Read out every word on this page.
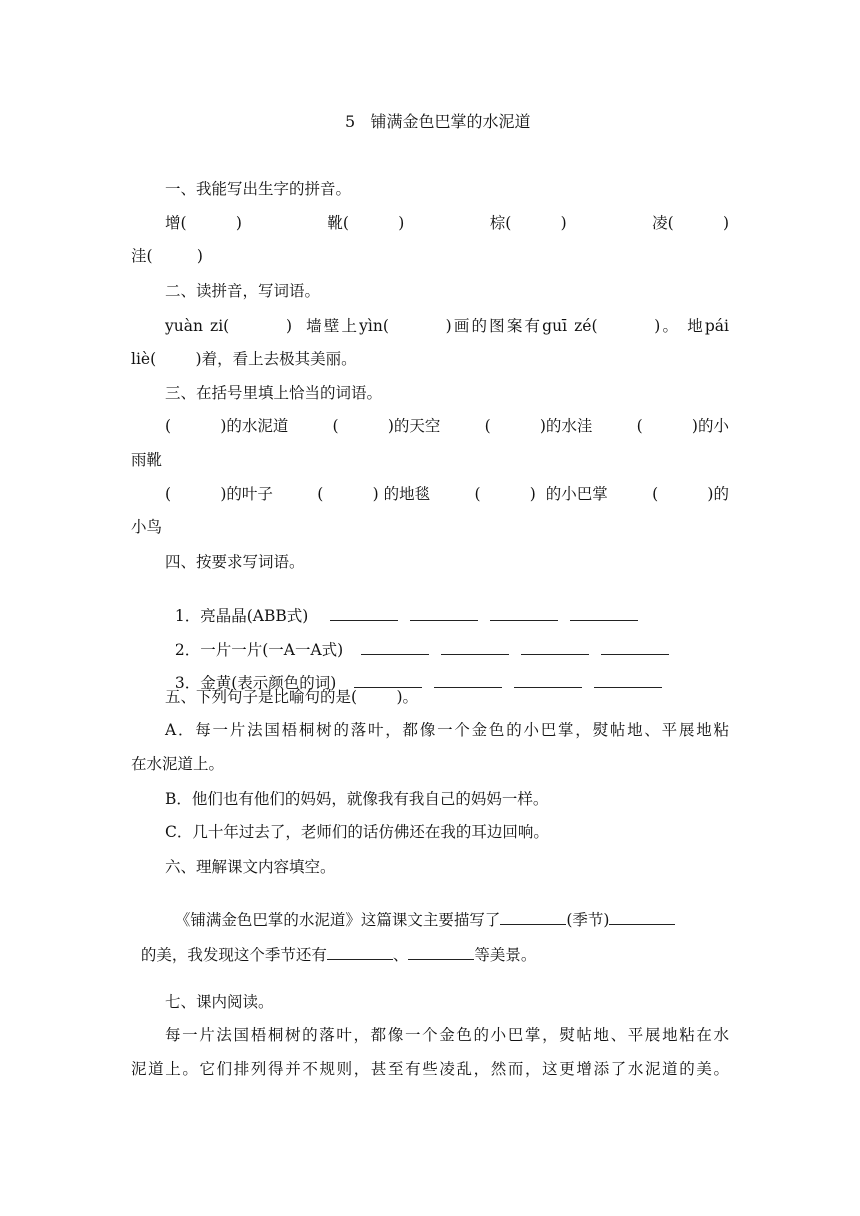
5   铺满金色巴掌的水泥道
一、我能写出生字的拼音。
增(          )	靴(          )	棕(          )	凌(          )
洼(         )
二、读拼音，写词语。
yuàn zi(        )  墙壁上yìn(        )画的图案有guī zé(        )。 地pái
liè(        )着，看上去极其美丽。
三、在括号里填上恰当的词语。
(          )的水泥道	(          )的天空	(          )的水洼	(          )的小
雨靴
(          )的叶子	(          ) 的地毯	(          )  的小巴掌	(          )的
小鸟
四、按要求写词语。

1．亮晶晶(ABB式)

2．一片一片(一A一A式)

3．金黄(表示颜色的词)

五、下列句子是比喻句的是(        )。
A．每一片法国梧桐树的落叶，都像一个金色的小巴掌，熨帖地、平展地粘
在水泥道上。
B．他们也有他们的妈妈，就像我有我自己的妈妈一样。
C．几十年过去了，老师们的话仿佛还在我的耳边回响。
六、理解课文内容填空。

《铺满金色巴掌的水泥道》这篇课文主要描写了	(季节)

的美，我发现这个季节还有	、	等美景。

七、课内阅读。
每一片法国梧桐树的落叶，都像一个金色的小巴掌，熨帖地、平展地粘在水
泥道上。它们排列得并不规则，甚至有些凌乱，然而，这更增添了水泥道的美。
